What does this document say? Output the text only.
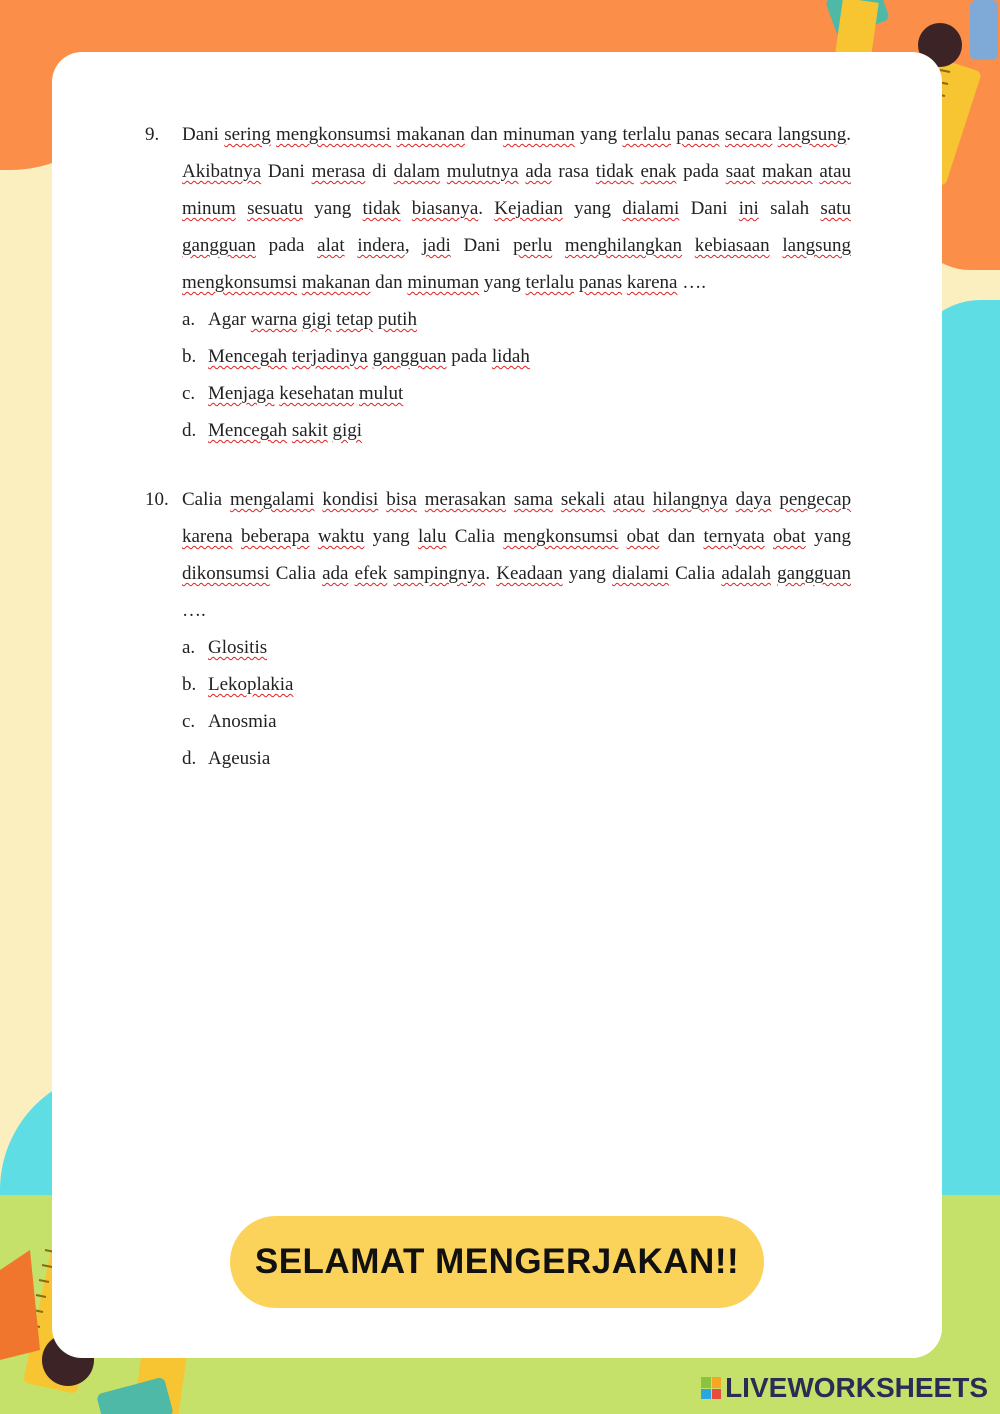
9. Dani sering mengkonsumsi makanan dan minuman yang terlalu panas secara langsung. Akibatnya Dani merasa di dalam mulutnya ada rasa tidak enak pada saat makan atau minum sesuatu yang tidak biasanya. Kejadian yang dialami Dani ini salah satu gangguan pada alat indera, jadi Dani perlu menghilangkan kebiasaan langsung mengkonsumsi makanan dan minuman yang terlalu panas karena ….
a. Agar warna gigi tetap putih
b. Mencegah terjadinya gangguan pada lidah
c. Menjaga kesehatan mulut
d. Mencegah sakit gigi
10. Calia mengalami kondisi bisa merasakan sama sekali atau hilangnya daya pengecap karena beberapa waktu yang lalu Calia mengkonsumsi obat dan ternyata obat yang dikonsumsi Calia ada efek sampingnya. Keadaan yang dialami Calia adalah gangguan ….
a. Glositis
b. Lekoplakia
c. Anosmia
d. Ageusia
SELAMAT MENGERJAKAN!!
LIVEWORKSHEETS
